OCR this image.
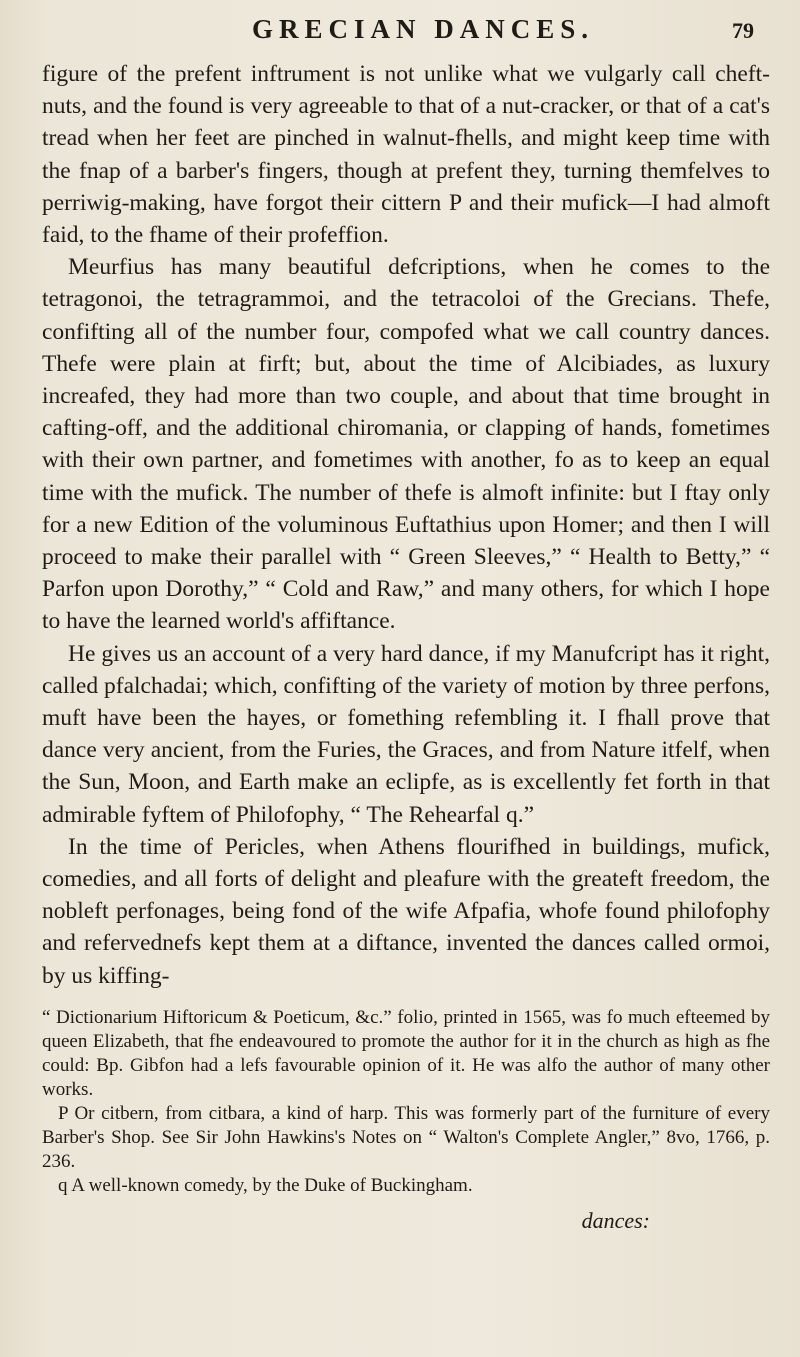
GRECIAN DANCES.	79

figure of the prefent inftrument is not unlike what we vulgarly call cheft-nuts, and the found is very agreeable to that of a nut-cracker, or that of a cat's tread when her feet are pinched in walnut-fhells, and might keep time with the fnap of a barber's fingers, though at prefent they, turning themfelves to perriwig-making, have forgot their cittern P and their mufick—I had almoft faid, to the fhame of their profeffion.

Meurfius has many beautiful defcriptions, when he comes to the tetragonoi, the tetragrammoi, and the tetracoloi of the Grecians. Thefe, confifting all of the number four, compofed what we call country dances. Thefe were plain at firft; but, about the time of Alcibiades, as luxury increafed, they had more than two couple, and about that time brought in cafting-off, and the additional chiromania, or clapping of hands, fometimes with their own partner, and fometimes with another, fo as to keep an equal time with the mufick. The number of thefe is almoft infinite: but I ftay only for a new Edition of the voluminous Euftathius upon Homer; and then I will proceed to make their parallel with “ Green Sleeves,” “ Health to Betty,” “ Parfon upon Dorothy,” “ Cold and Raw,” and many others, for which I hope to have the learned world's affiftance.

He gives us an account of a very hard dance, if my Manufcript has it right, called pfalchadai; which, confifting of the variety of motion by three perfons, muft have been the hayes, or fomething refembling it. I fhall prove that dance very ancient, from the Furies, the Graces, and from Nature itfelf, when the Sun, Moon, and Earth make an eclipfe, as is excellently fet forth in that admirable fyftem of Philofophy, “ The Rehearfal q.”

In the time of Pericles, when Athens flourifhed in buildings, mufick, comedies, and all forts of delight and pleafure with the greateft freedom, the nobleft perfonages, being fond of the wife Afpafia, whofe found philofophy and refervednefs kept them at a diftance, invented the dances called ormoi, by us kiffing-

“ Dictionarium Hiftoricum & Poeticum, &c.” folio, printed in 1565, was fo much efteemed by queen Elizabeth, that fhe endeavoured to promote the author for it in the church as high as fhe could: Bp. Gibfon had a lefs favourable opinion of it. He was alfo the author of many other works.

P Or citbern, from citbara, a kind of harp. This was formerly part of the furniture of every Barber's Shop. See Sir John Hawkins's Notes on “ Walton's Complete Angler,” 8vo, 1766, p. 236.

q A well-known comedy, by the Duke of Buckingham.

dances:
